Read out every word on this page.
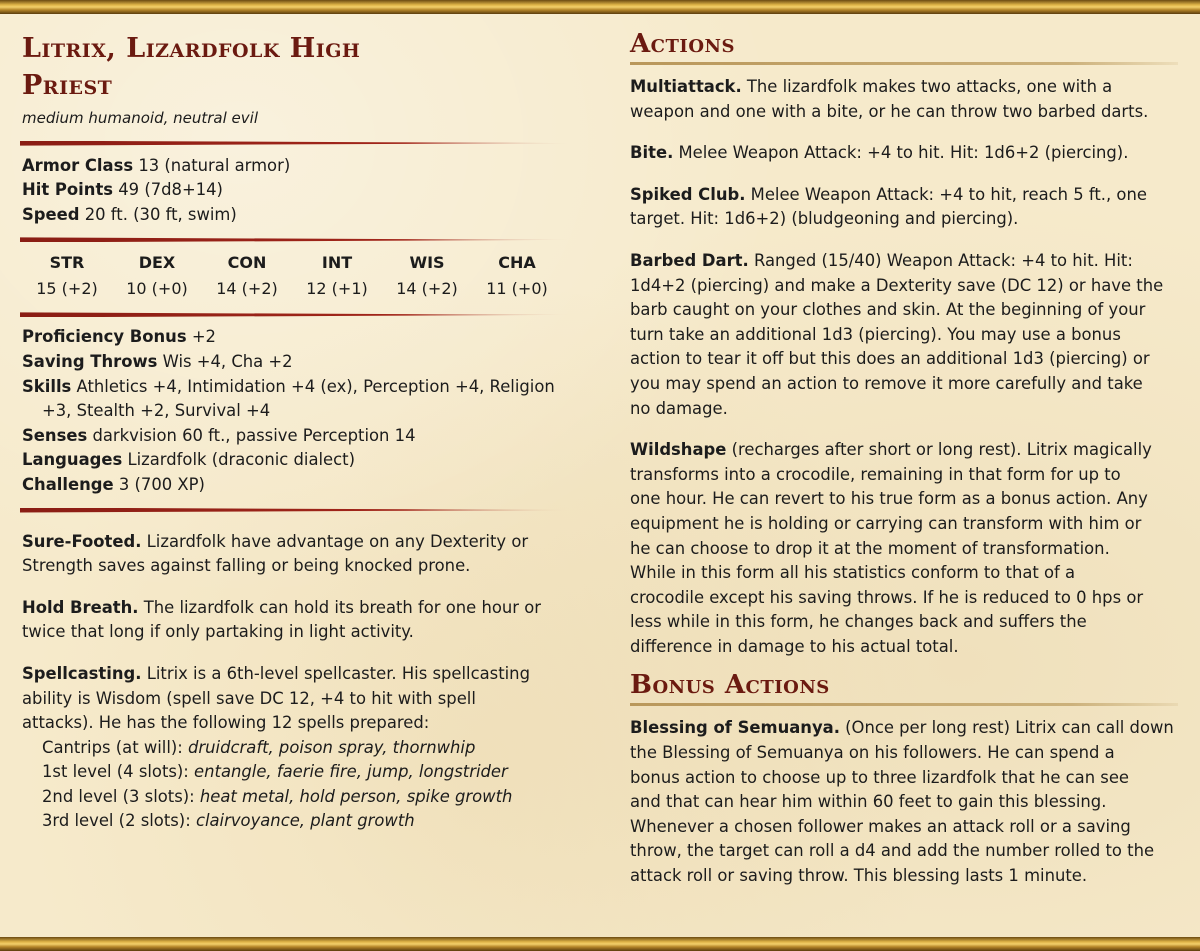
Litrix, Lizardfolk High
Priest
medium humanoid, neutral evil
Armor Class 13 (natural armor)
Hit Points 49 (7d8+14)
Speed 20 ft. (30 ft, swim)
STR
15 (+2)
DEX
10 (+0)
CON
14 (+2)
INT
12 (+1)
WIS
14 (+2)
CHA
11 (+0)
Proficiency Bonus +2
Saving Throws Wis +4, Cha +2
Skills Athletics +4, Intimidation +4 (ex), Perception +4, Religion
+3, Stealth +2, Survival +4
Senses darkvision 60 ft., passive Perception 14
Languages Lizardfolk (draconic dialect)
Challenge 3 (700 XP)
Sure-Footed. Lizardfolk have advantage on any Dexterity or
Strength saves against falling or being knocked prone.
Hold Breath. The lizardfolk can hold its breath for one hour or
twice that long if only partaking in light activity.
Spellcasting. Litrix is a 6th-level spellcaster. His spellcasting
ability is Wisdom (spell save DC 12, +4 to hit with spell
attacks). He has the following 12 spells prepared:
Cantrips (at will): druidcraft, poison spray, thornwhip
1st level (4 slots): entangle, faerie fire, jump, longstrider
2nd level (3 slots): heat metal, hold person, spike growth
3rd level (2 slots): clairvoyance, plant growth
Actions
Multiattack. The lizardfolk makes two attacks, one with a
weapon and one with a bite, or he can throw two barbed darts.
Bite. Melee Weapon Attack: +4 to hit. Hit: 1d6+2 (piercing).
Spiked Club. Melee Weapon Attack: +4 to hit, reach 5 ft., one
target. Hit: 1d6+2) (bludgeoning and piercing).
Barbed Dart. Ranged (15/40) Weapon Attack: +4 to hit. Hit:
1d4+2 (piercing) and make a Dexterity save (DC 12) or have the
barb caught on your clothes and skin. At the beginning of your
turn take an additional 1d3 (piercing). You may use a bonus
action to tear it off but this does an additional 1d3 (piercing) or
you may spend an action to remove it more carefully and take
no damage.
Wildshape (recharges after short or long rest). Litrix magically
transforms into a crocodile, remaining in that form for up to
one hour. He can revert to his true form as a bonus action. Any
equipment he is holding or carrying can transform with him or
he can choose to drop it at the moment of transformation.
While in this form all his statistics conform to that of a
crocodile except his saving throws. If he is reduced to 0 hps or
less while in this form, he changes back and suffers the
difference in damage to his actual total.
Bonus Actions
Blessing of Semuanya. (Once per long rest) Litrix can call down
the Blessing of Semuanya on his followers. He can spend a
bonus action to choose up to three lizardfolk that he can see
and that can hear him within 60 feet to gain this blessing.
Whenever a chosen follower makes an attack roll or a saving
throw, the target can roll a d4 and add the number rolled to the
attack roll or saving throw. This blessing lasts 1 minute.
